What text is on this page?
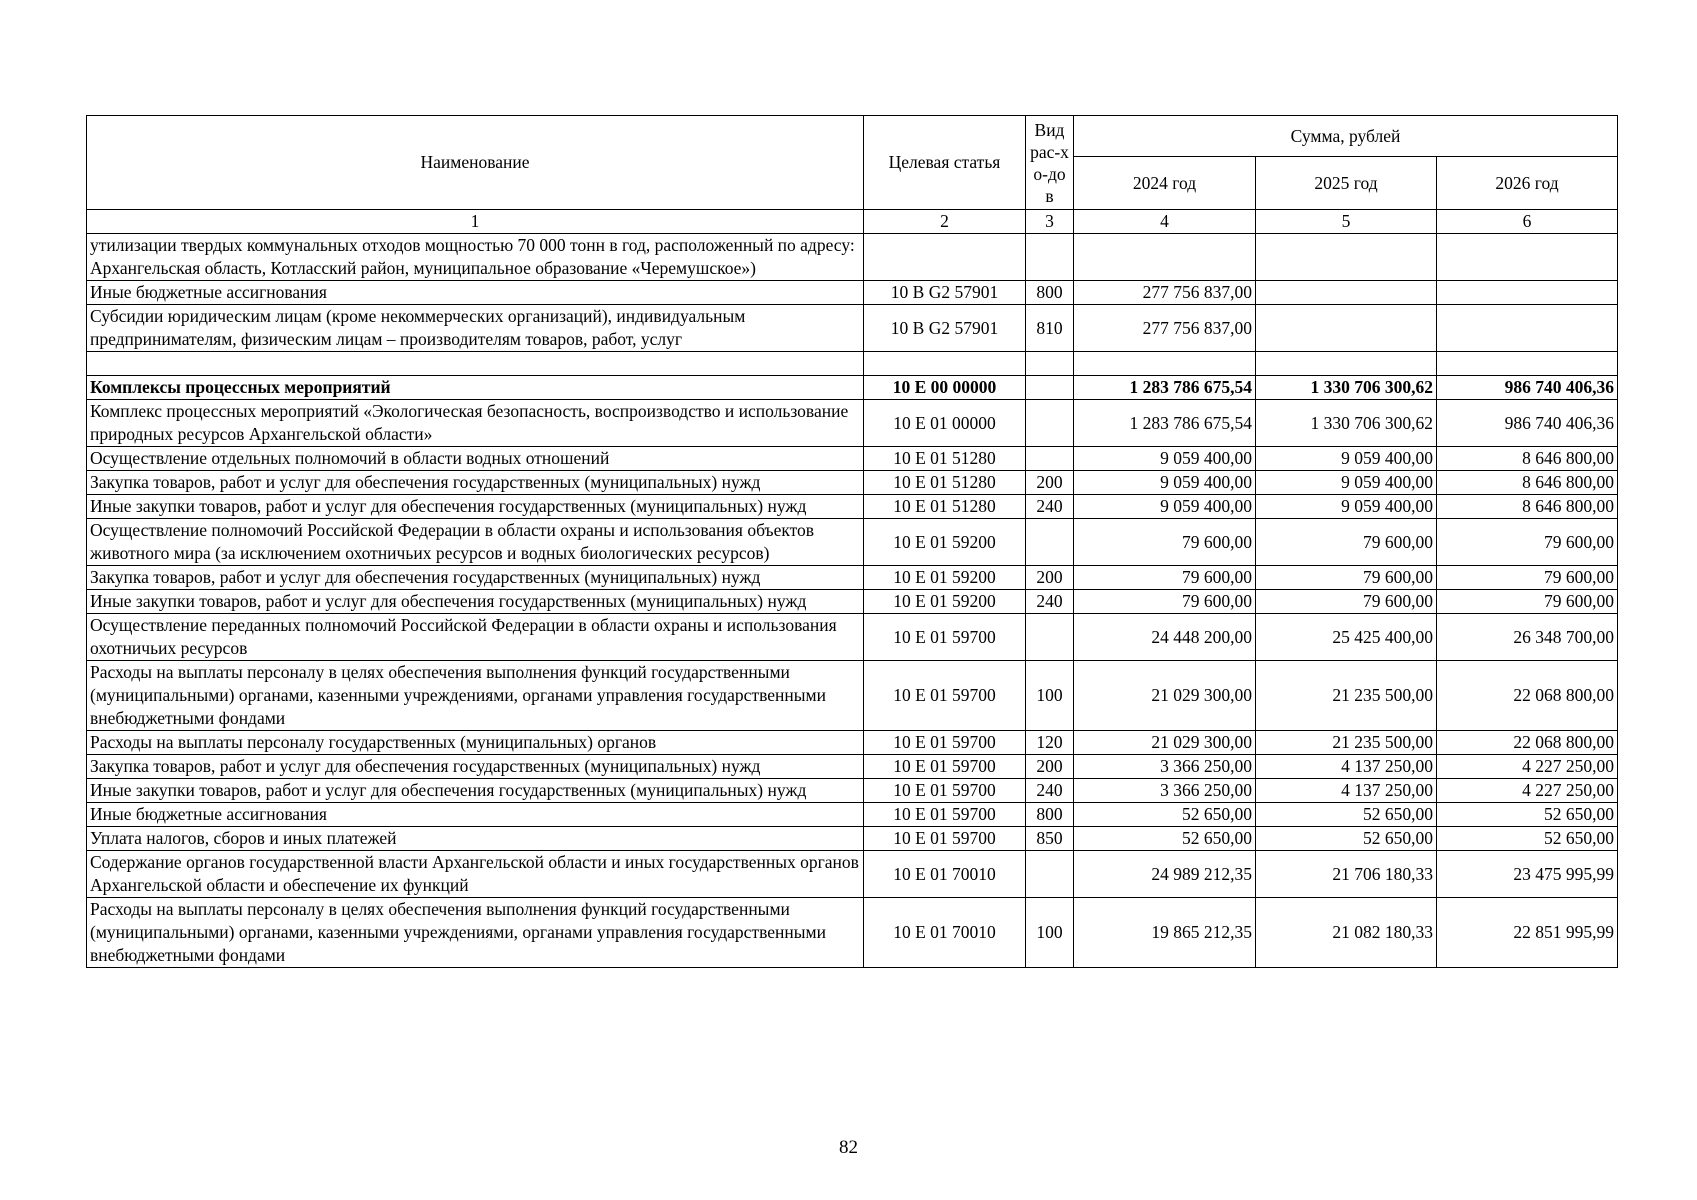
Наименование	Целевая статья	Вид рас-хо-дов	Сумма, рублей		
			2024 год	2025 год	2026 год
1	2	3	4	5	6
утилизации твердых коммунальных отходов мощностью 70 000 тонн в год, расположенный по адресу: Архангельская область, Котласский район, муниципальное образование «Черемушское»)					
Иные бюджетные ассигнования	10 В G2 57901	800	277 756 837,00		
Субсидии юридическим лицам (кроме некоммерческих организаций), индивидуальным предпринимателям, физическим лицам – производителям товаров, работ, услуг	10 В G2 57901	810	277 756 837,00		

Комплексы процессных мероприятий	10 Е 00 00000		1 283 786 675,54	1 330 706 300,62	986 740 406,36
Комплекс процессных мероприятий «Экологическая безопасность, воспроизводство и использование природных ресурсов Архангельской области»	10 Е 01 00000		1 283 786 675,54	1 330 706 300,62	986 740 406,36
Осуществление отдельных полномочий в области водных отношений	10 Е 01 51280		9 059 400,00	9 059 400,00	8 646 800,00
Закупка товаров, работ и услуг для обеспечения государственных (муниципальных) нужд	10 Е 01 51280	200	9 059 400,00	9 059 400,00	8 646 800,00
Иные закупки товаров, работ и услуг для обеспечения государственных (муниципальных) нужд	10 Е 01 51280	240	9 059 400,00	9 059 400,00	8 646 800,00
Осуществление полномочий Российской Федерации в области охраны и использования объектов животного мира (за исключением охотничьих ресурсов и водных биологических ресурсов)	10 Е 01 59200		79 600,00	79 600,00	79 600,00
Закупка товаров, работ и услуг для обеспечения государственных (муниципальных) нужд	10 Е 01 59200	200	79 600,00	79 600,00	79 600,00
Иные закупки товаров, работ и услуг для обеспечения государственных (муниципальных) нужд	10 Е 01 59200	240	79 600,00	79 600,00	79 600,00
Осуществление переданных полномочий Российской Федерации в области охраны и использования охотничьих ресурсов	10 Е 01 59700		24 448 200,00	25 425 400,00	26 348 700,00
Расходы на выплаты персоналу в целях обеспечения выполнения функций государственными (муниципальными) органами, казенными учреждениями, органами управления государственными внебюджетными фондами	10 Е 01 59700	100	21 029 300,00	21 235 500,00	22 068 800,00
Расходы на выплаты персоналу государственных (муниципальных) органов	10 Е 01 59700	120	21 029 300,00	21 235 500,00	22 068 800,00
Закупка товаров, работ и услуг для обеспечения государственных (муниципальных) нужд	10 Е 01 59700	200	3 366 250,00	4 137 250,00	4 227 250,00
Иные закупки товаров, работ и услуг для обеспечения государственных (муниципальных) нужд	10 Е 01 59700	240	3 366 250,00	4 137 250,00	4 227 250,00
Иные бюджетные ассигнования	10 Е 01 59700	800	52 650,00	52 650,00	52 650,00
Уплата налогов, сборов и иных платежей	10 Е 01 59700	850	52 650,00	52 650,00	52 650,00
Содержание органов государственной власти Архангельской области и иных государственных органов Архангельской области и обеспечение их функций	10 Е 01 70010		24 989 212,35	21 706 180,33	23 475 995,99
Расходы на выплаты персоналу в целях обеспечения выполнения функций государственными (муниципальными) органами, казенными учреждениями, органами управления государственными внебюджетными фондами	10 Е 01 70010	100	19 865 212,35	21 082 180,33	22 851 995,99
82
